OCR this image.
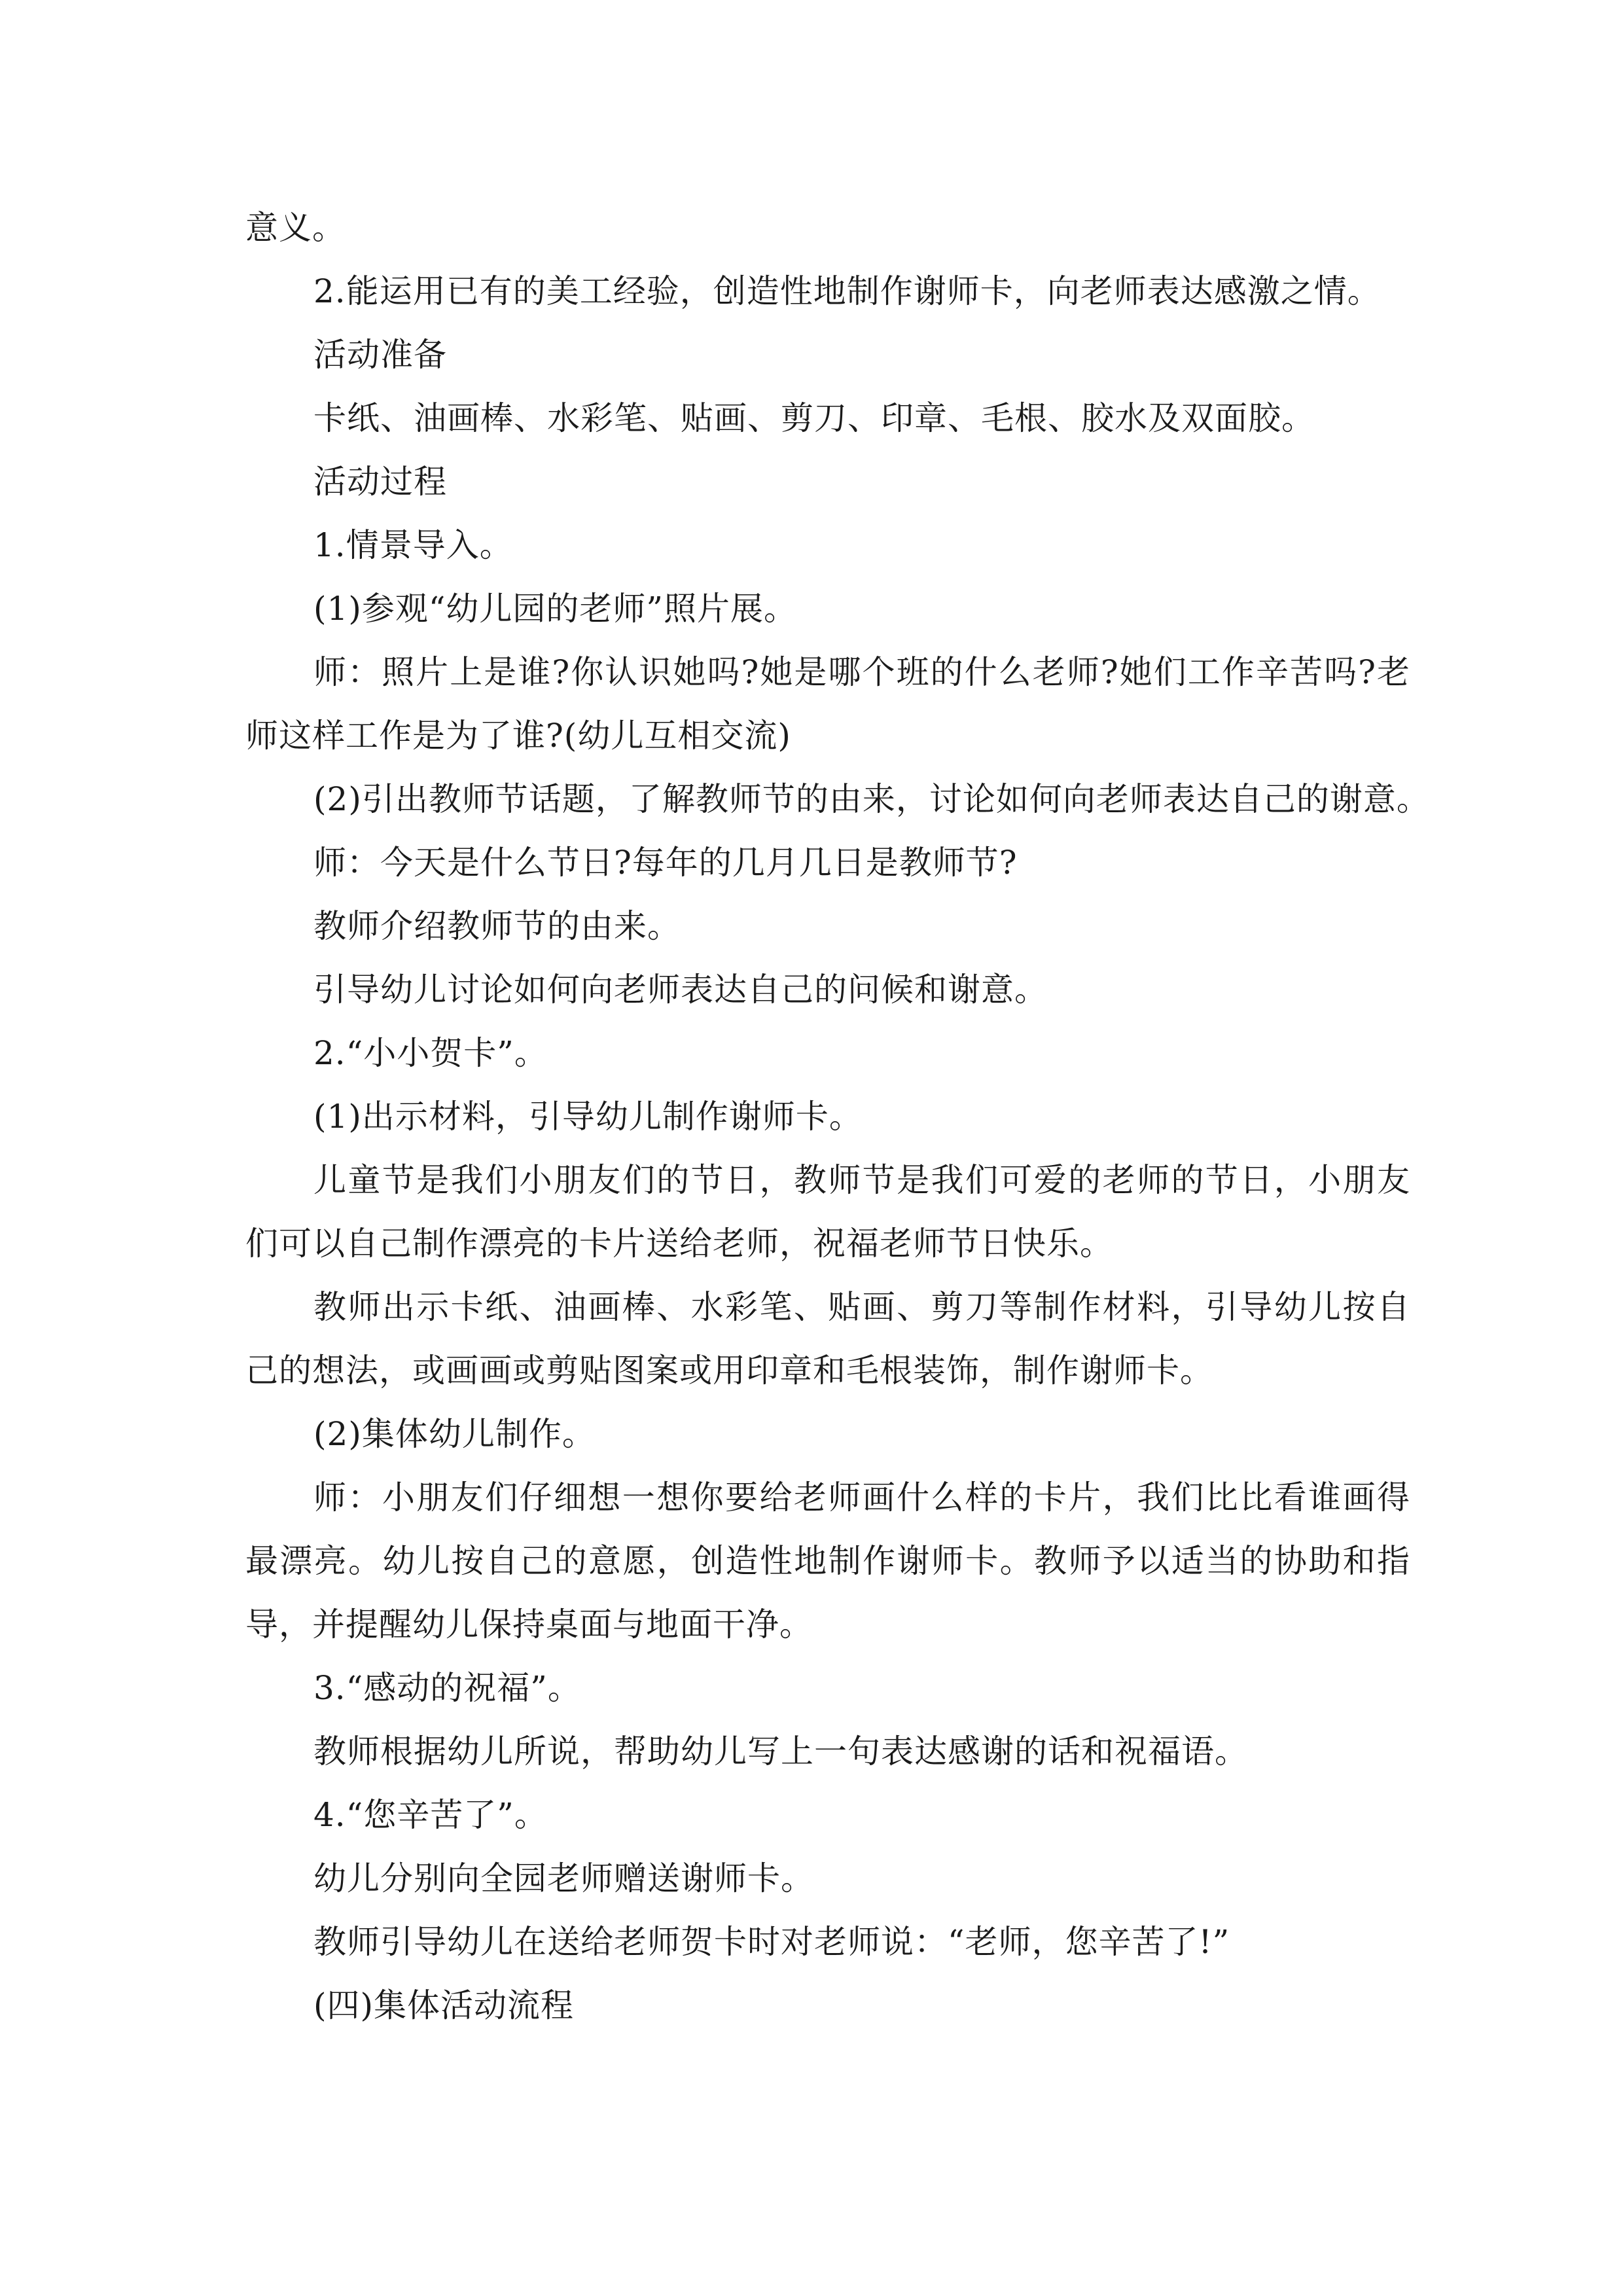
意义。

2.能运用已有的美工经验，创造性地制作谢师卡，向老师表达感激之情。

活动准备

卡纸、油画棒、水彩笔、贴画、剪刀、印章、毛根、胶水及双面胶。

活动过程

1.情景导入。

(1)参观“幼儿园的老师”照片展。

师：照片上是谁?你认识她吗?她是哪个班的什么老师?她们工作辛苦吗?老师这样工作是为了谁?(幼儿互相交流)

(2)引出教师节话题，了解教师节的由来，讨论如何向老师表达自己的谢意。

师：今天是什么节日?每年的几月几日是教师节?

教师介绍教师节的由来。

引导幼儿讨论如何向老师表达自己的问候和谢意。

2.“小小贺卡”。

(1)出示材料，引导幼儿制作谢师卡。

儿童节是我们小朋友们的节日，教师节是我们可爱的老师的节日，小朋友们可以自己制作漂亮的卡片送给老师，祝福老师节日快乐。

教师出示卡纸、油画棒、水彩笔、贴画、剪刀等制作材料，引导幼儿按自己的想法，或画画或剪贴图案或用印章和毛根装饰，制作谢师卡。

(2)集体幼儿制作。

师：小朋友们仔细想一想你要给老师画什么样的卡片，我们比比看谁画得最漂亮。幼儿按自己的意愿，创造性地制作谢师卡。教师予以适当的协助和指导，并提醒幼儿保持桌面与地面干净。

3.“感动的祝福”。

教师根据幼儿所说，帮助幼儿写上一句表达感谢的话和祝福语。

4.“您辛苦了”。

幼儿分别向全园老师赠送谢师卡。

教师引导幼儿在送给老师贺卡时对老师说：“老师，您辛苦了!”

(四)集体活动流程
